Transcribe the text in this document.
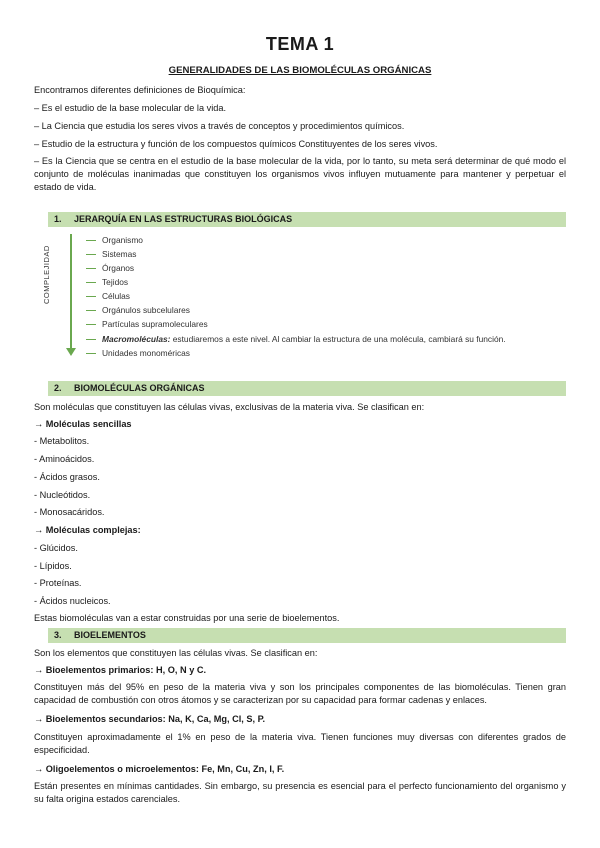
TEMA 1
GENERALIDADES DE LAS BIOMOLÉCULAS ORGÁNICAS
Encontramos diferentes definiciones de Bioquímica:
– Es el estudio de la base molecular de la vida.
– La Ciencia que estudia los seres vivos a través de conceptos y procedimientos químicos.
– Estudio de la estructura y función de los compuestos químicos Constituyentes de los seres vivos.
– Es la Ciencia que se centra en el estudio de la base molecular de la vida, por lo tanto, su meta será determinar de qué modo el conjunto de moléculas inanimadas que constituyen los organismos vivos influyen mutuamente para mantener y perpetuar el estado de vida.
1. JERARQUÍA EN LAS ESTRUCTURAS BIOLÓGICAS
COMPLEJIDAD
Organismo
Sistemas
Órganos
Tejidos
Células
Orgánulos subcelulares
Partículas supramoleculares
Macromoléculas: estudiaremos a este nivel. Al cambiar la estructura de una molécula, cambiará su función.
Unidades monoméricas
2. BIOMOLÉCULAS ORGÁNICAS
Son moléculas que constituyen las células vivas, exclusivas de la materia viva. Se clasifican en:
→ Moléculas sencillas
- Metabolitos.
- Aminoácidos.
- Ácidos grasos.
- Nucleótidos.
- Monosacáridos.
→ Moléculas complejas:
- Glúcidos.
- Lípidos.
- Proteínas.
- Ácidos nucleicos.
Estas biomoléculas van a estar construidas por una serie de bioelementos.
3. BIOELEMENTOS
Son los elementos que constituyen las células vivas. Se clasifican en:
→ Bioelementos primarios: H, O, N y C.
Constituyen más del 95% en peso de la materia viva y son los principales componentes de las biomoléculas. Tienen gran capacidad de combustión con otros átomos y se caracterizan por su capacidad para formar cadenas y enlaces.
→ Bioelementos secundarios: Na, K, Ca, Mg, Cl, S, P.
Constituyen aproximadamente el 1% en peso de la materia viva. Tienen funciones muy diversas con diferentes grados de especificidad.
→ Oligoelementos o microelementos: Fe, Mn, Cu, Zn, I, F.
Están presentes en mínimas cantidades. Sin embargo, su presencia es esencial para el perfecto funcionamiento del organismo y su falta origina estados carenciales.
